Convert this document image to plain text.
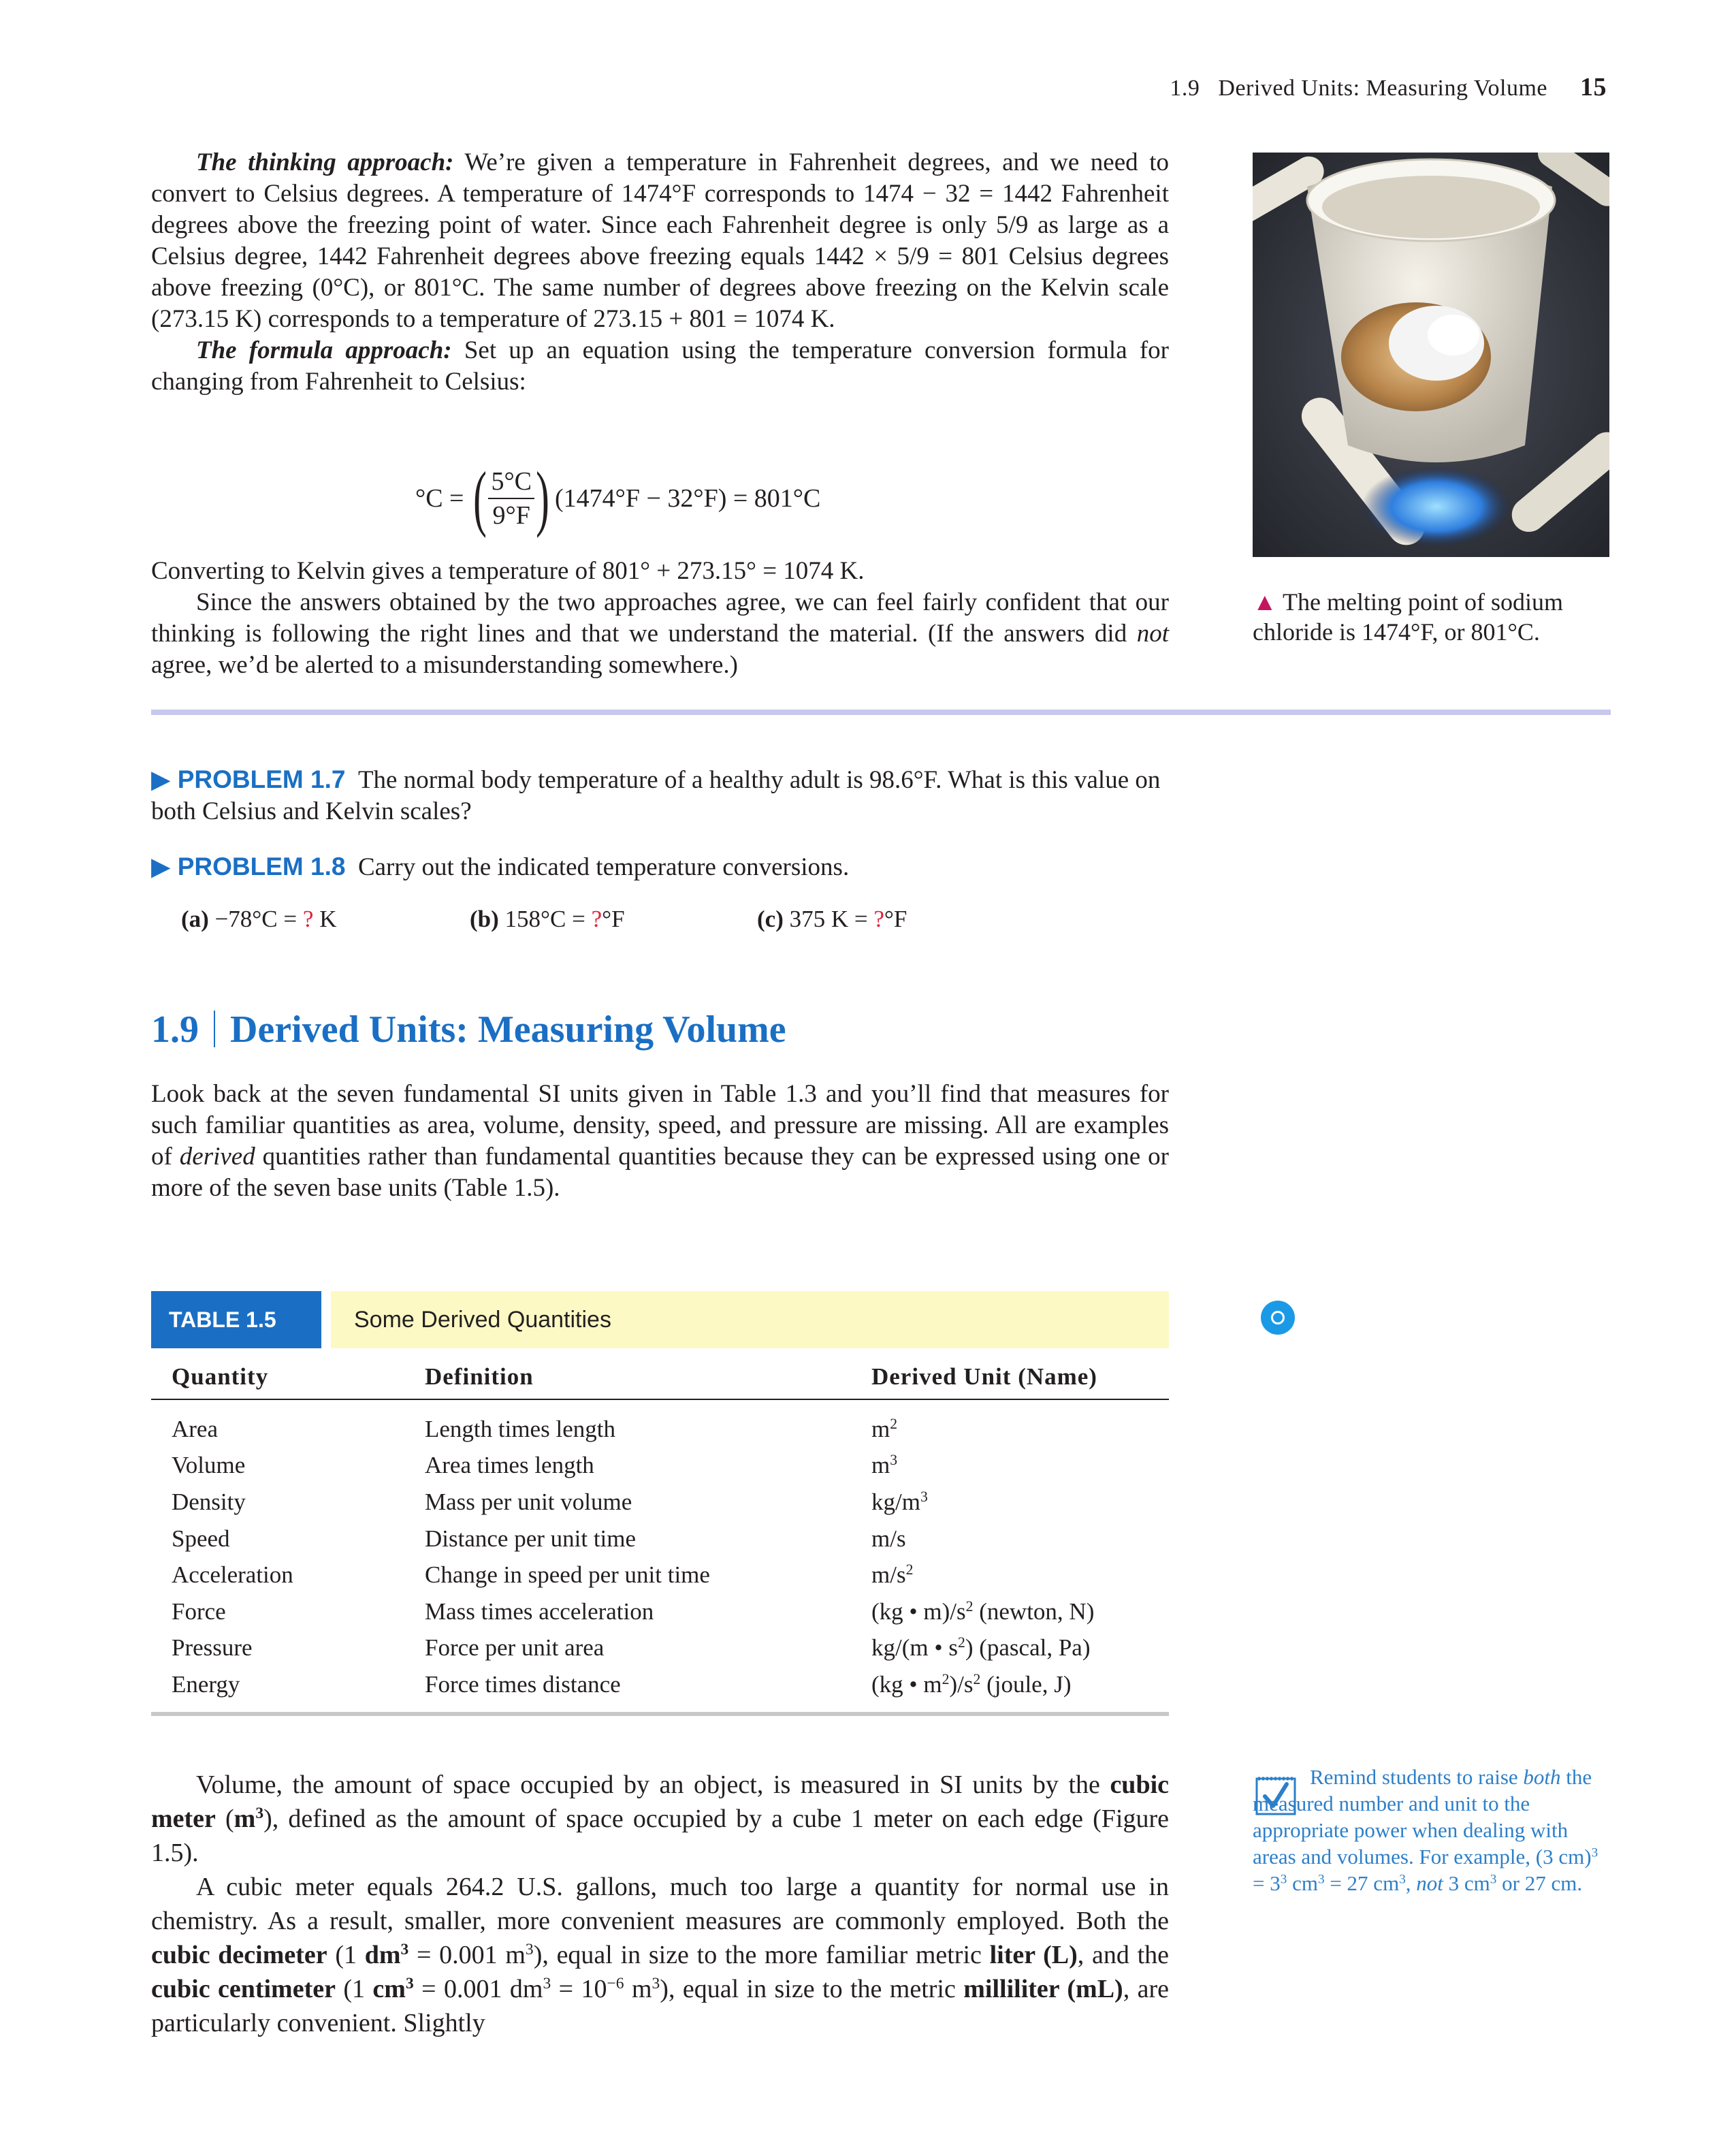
1.9   Derived Units: Measuring Volume 15

The thinking approach: We’re given a temperature in Fahrenheit degrees, and we need to convert to Celsius degrees. A temperature of 1474°F corresponds to 1474 − 32 = 1442 Fahrenheit degrees above the freezing point of water. Since each Fahrenheit degree is only 5/9 as large as a Celsius degree, 1442 Fahrenheit degrees above freezing equals 1442 × 5/9 = 801 Celsius degrees above freezing (0°C), or 801°C. The same number of degrees above freezing on the Kelvin scale (273.15 K) corresponds to a temperature of 273.15 + 801 = 1074 K.

The formula approach: Set up an equation using the temperature conversion formula for changing from Fahrenheit to Celsius:

°C = ( $\frac{5^\circ C}{9^\circ F}$ ) (1474°F − 32°F) = 801°C

Converting to Kelvin gives a temperature of 801° + 273.15° = 1074 K.

Since the answers obtained by the two approaches agree, we can feel fairly confident that our thinking is following the right lines and that we understand the material. (If the answers did not agree, we’d be alerted to a misunderstanding somewhere.)

▲ The melting point of sodium chloride is 1474°F, or 801°C.

▶ PROBLEM 1.7 The normal body temperature of a healthy adult is 98.6°F. What is this value on both Celsius and Kelvin scales?

▶ PROBLEM 1.8 Carry out the indicated temperature conversions.

(a) −78°C = ? K	(b) 158°C = ?°F	(c) 375 K = ?°F
1.9 Derived Units: Measuring Volume

Look back at the seven fundamental SI units given in Table 1.3 and you’ll find that measures for such familiar quantities as area, volume, density, speed, and pressure are missing. All are examples of derived quantities rather than fundamental quantities because they can be expressed using one or more of the seven base units (Table 1.5).

TABLE 1.5	Some Derived Quantities
Quantity	Definition	Derived Unit (Name)
Area	Length times length	$m^2$
Volume	Area times length	$m^3$
Density	Mass per unit volume	$kg/m^3$
Speed	Distance per unit time	m/s
Acceleration	Change in speed per unit time	$m/s^2$
Force	Mass times acceleration	(kg • $m)/s^2$ (newton, N)
Pressure	Force per unit area	kg/(m • $s^2$) (pascal, Pa)
Energy	Force times distance	(kg • $m^2)/s^2$ (joule, J)

Volume, the amount of space occupied by an object, is measured in SI units by the cubic meter $(m^3)$, defined as the amount of space occupied by a cube 1 meter on each edge (Figure 1.5).

A cubic meter equals 264.2 U.S. gallons, much too large a quantity for normal use in chemistry. As a result, smaller, more convenient measures are commonly employed. Both the cubic decimeter (1 $dm^3 = 0.001$ $m^3$), equal in size to the more familiar metric liter (L), and the cubic centimeter (1 $cm^3 = 0.001$ $dm^3 = 10^{-6}$ $m^3$), equal in size to the metric milliliter (mL), are particularly convenient. Slightly

Remind students to raise both the measured number and unit to the appropriate power when dealing with areas and volumes. For example, (3 $cm)^3 = 3^3$ $cm^3 = 27$ $cm^3$, not 3 $cm^3$ or 27 cm.
